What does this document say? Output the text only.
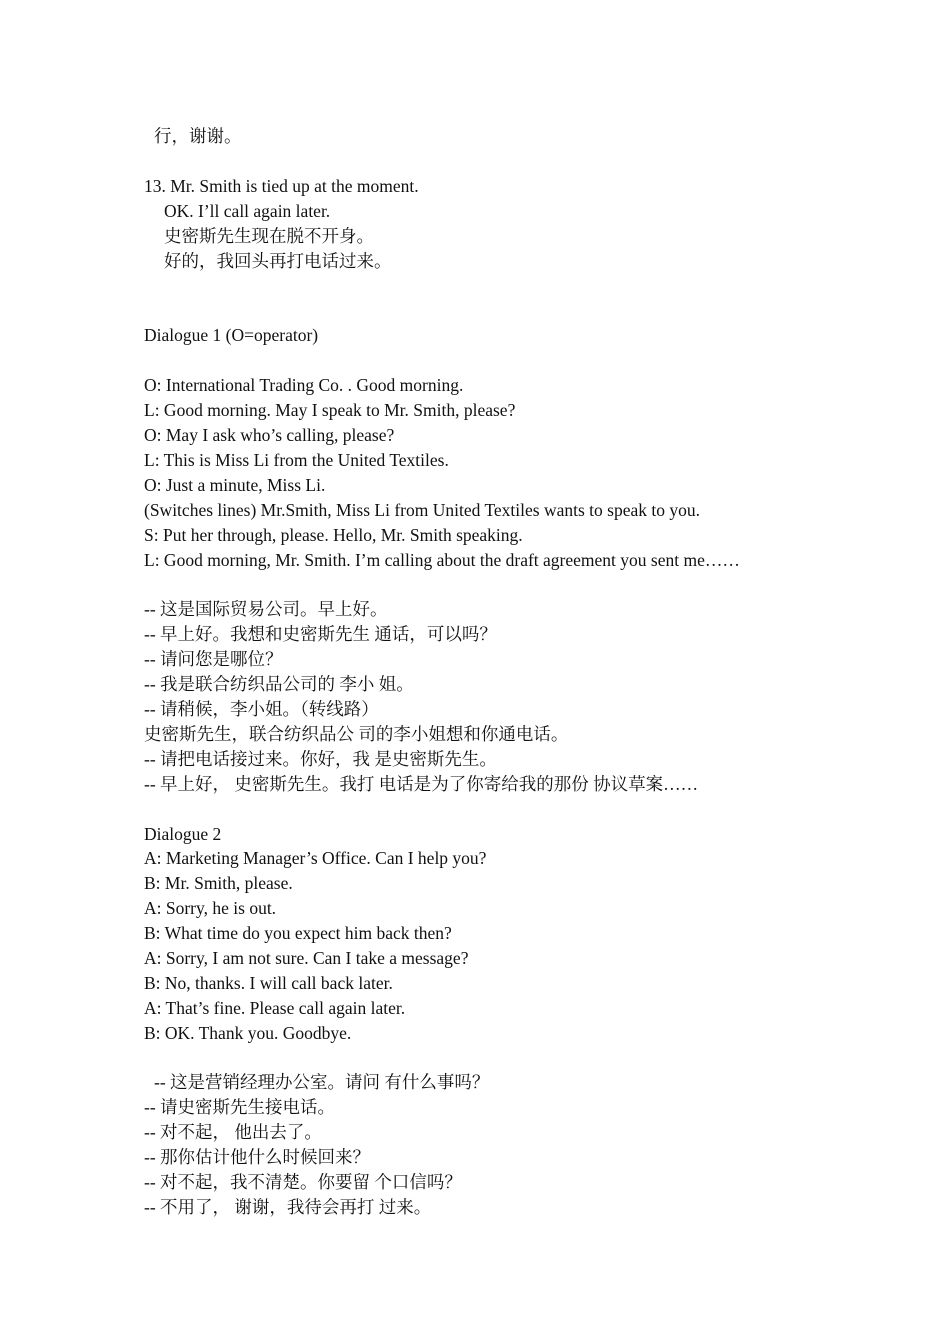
行，谢谢。
13. Mr. Smith is tied up at the moment.
OK. I’ll call again later.
史密斯先生现在脱不开身。
好的，我回头再打电话过来。
Dialogue 1 (O=operator)
O: International Trading Co. . Good morning.
L: Good morning. May I speak to Mr. Smith, please?
O: May I ask who’s calling, please?
L: This is Miss Li from the United Textiles.
O: Just a minute, Miss Li.
(Switches lines) Mr.Smith, Miss Li from United Textiles wants to speak to you.
S: Put her through, please. Hello, Mr. Smith speaking.
L: Good morning, Mr. Smith. I’m calling about the draft agreement you sent me……
-- 这是国际贸易公司。早上好。
-- 早上好。我想和史密斯先生 通话，可以吗？
-- 请问您是哪位？
-- 我是联合纺织品公司的 李小 姐。
-- 请稍候，李小姐。（转线路）
史密斯先生，联合纺织品公 司的李小姐想和你通电话。
-- 请把电话接过来。你好，我 是史密斯先生。
-- 早上好， 史密斯先生。我打 电话是为了你寄给我的那份 协议草案……
Dialogue 2
A: Marketing Manager’s Office. Can I help you?
B: Mr. Smith, please.
A: Sorry, he is out.
B: What time do you expect him back then?
A: Sorry, I am not sure. Can I take a message?
B: No, thanks. I will call back later.
A: That’s fine. Please call again later.
B: OK. Thank you. Goodbye.
-- 这是营销经理办公室。请问 有什么事吗？
-- 请史密斯先生接电话。
-- 对不起， 他出去了。
-- 那你估计他什么时候回来？
-- 对不起，我不清楚。你要留 个口信吗？
-- 不用了， 谢谢，我待会再打 过来。
